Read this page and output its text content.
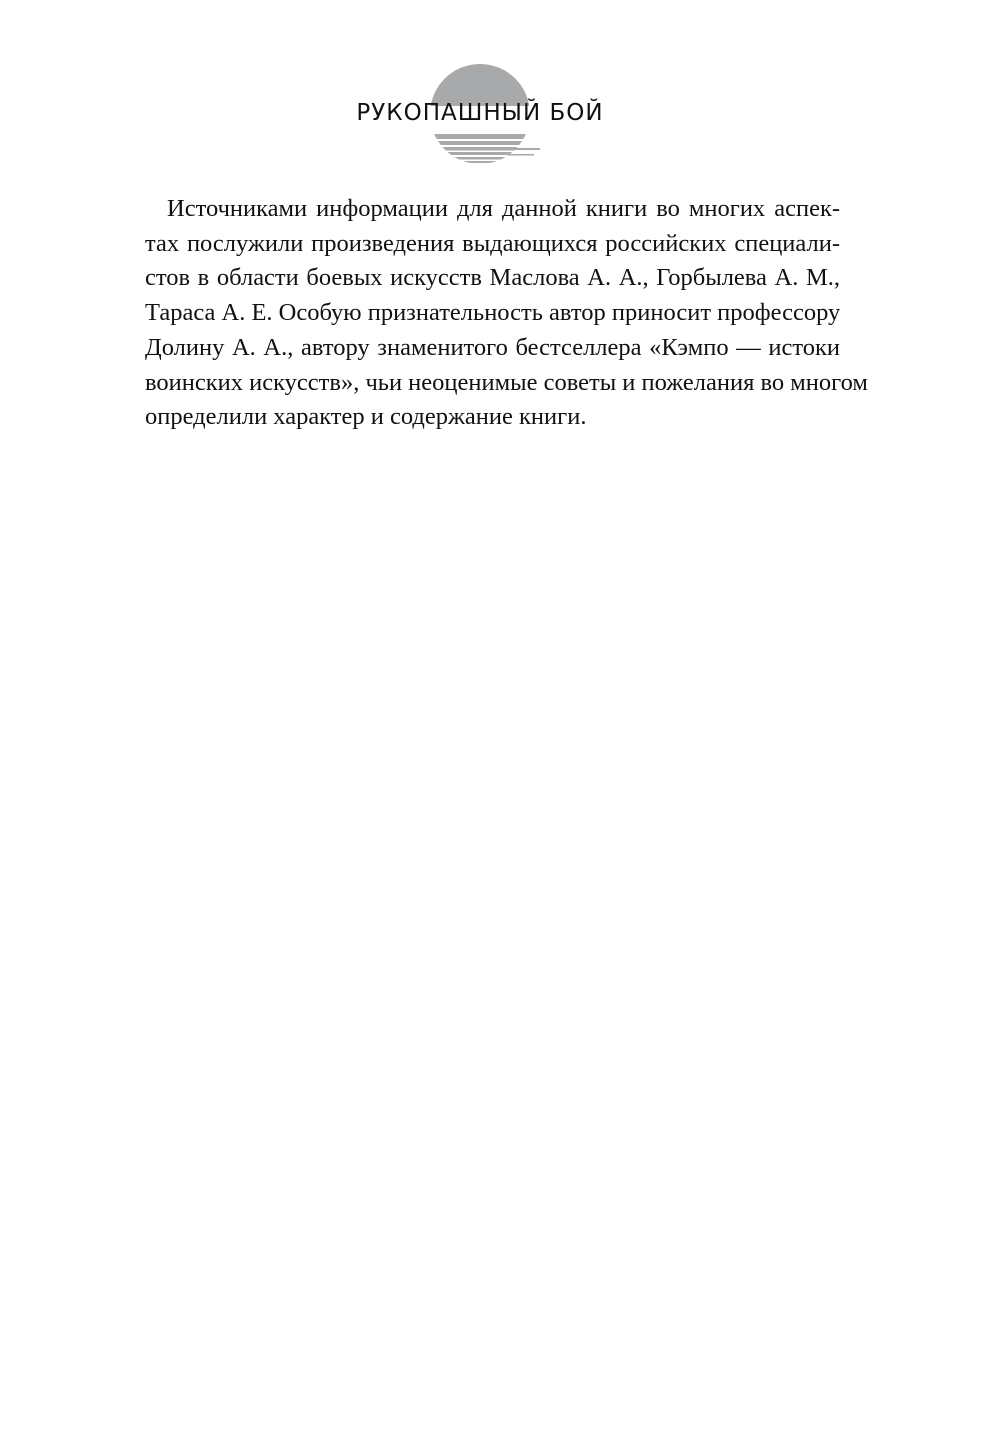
РУКОПАШНЫЙ БОЙ
Источниками информации для данной книги во многих аспек-
тах послужили произведения выдающихся российских специали-
стов в области боевых искусств Маслова А. А., Горбылева А. М.,
Тараса А. Е. Особую признательность автор приносит профессору
Долину А. А., автору знаменитого бестселлера «Кэмпо — истоки
воинских искусств», чьи неоценимые советы и пожелания во многом
определили характер и содержание книги.
